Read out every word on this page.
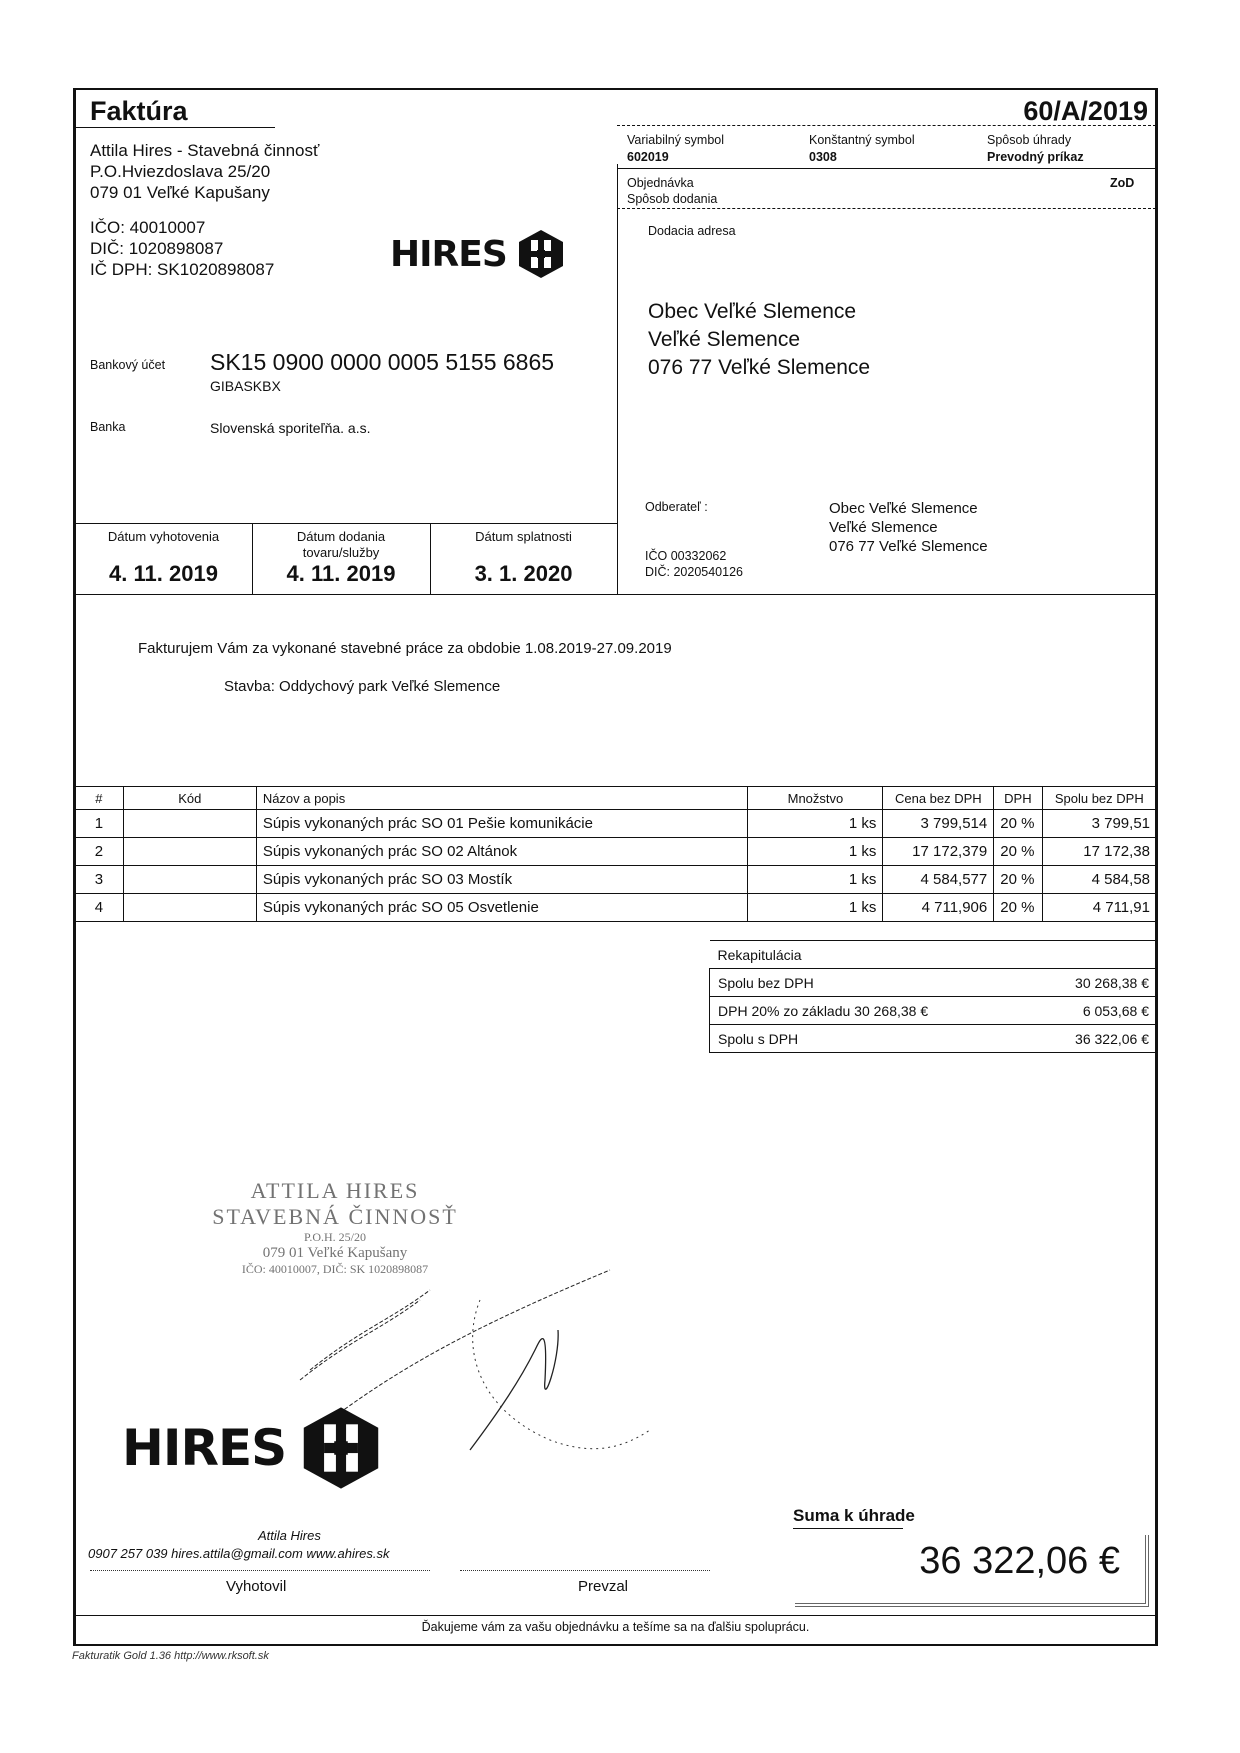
Faktúra	60/A/2019
Attila Hires - Stavebná činnosť
P.O.Hviezdoslava 25/20
079 01 Veľké Kapušany
IČO: 40010007
DIČ: 1020898087
IČ DPH: SK1020898087	HIRES
Bankový účet SK15 0900 0000 0005 5155 6865
GIBASKBX
Banka	Slovenská sporiteľňa. a.s.
Variabilný symbol
602019
Konštantný symbol
0308
Spôsob úhrady
Prevodný príkaz
Objednávka	ZoD
Spôsob dodania
Dodacia adresa
Obec Veľké Slemence
Veľké Slemence
076 77 Veľké Slemence
Odberateľ :	Obec Veľké Slemence
Veľké Slemence
076 77 Veľké Slemence
IČO 00332062
DIČ: 2020540126
Dátum vyhotovenia
4. 11. 2019
Dátum dodania
tovaru/služby
4. 11. 2019
Dátum splatnosti
3. 1. 2020
Fakturujem Vám za vykonané stavebné práce za obdobie 1.08.2019-27.09.2019
Stavba: Oddychový park Veľké Slemence
#	Kód	Názov a popis	Množstvo	Cena bez DPH	DPH	Spolu bez DPH
1		Súpis vykonaných prác SO 01 Pešie komunikácie	1 ks	3 799,514	20 %	3 799,51
2		Súpis vykonaných prác SO 02 Altánok	1 ks	17 172,379	20 %	17 172,38
3		Súpis vykonaných prác SO 03 Mostík	1 ks	4 584,577	20 %	4 584,58
4		Súpis vykonaných prác SO 05 Osvetlenie	1 ks	4 711,906	20 %	4 711,91
Rekapitulácia	
Spolu bez DPH	30 268,38 €
DPH 20% zo základu 30 268,38 €	6 053,68 €
Spolu s DPH	36 322,06 €
ATTILA HIRES
STAVEBNÁ ČINNOSŤ
P.O.H. 25/20
079 01 Veľké Kapušany
IČO: 40010007, DIČ: SK 1020898087
HIRES
Attila Hires
0907 257 039 hires.attila@gmail.com www.ahires.sk
Vyhotovil	Prevzal
Suma k úhrade
36 322,06 €
Ďakujeme vám za vašu objednávku a tešíme sa na ďalšiu spoluprácu.
Fakturatik Gold 1.36 http://www.rksoft.sk
